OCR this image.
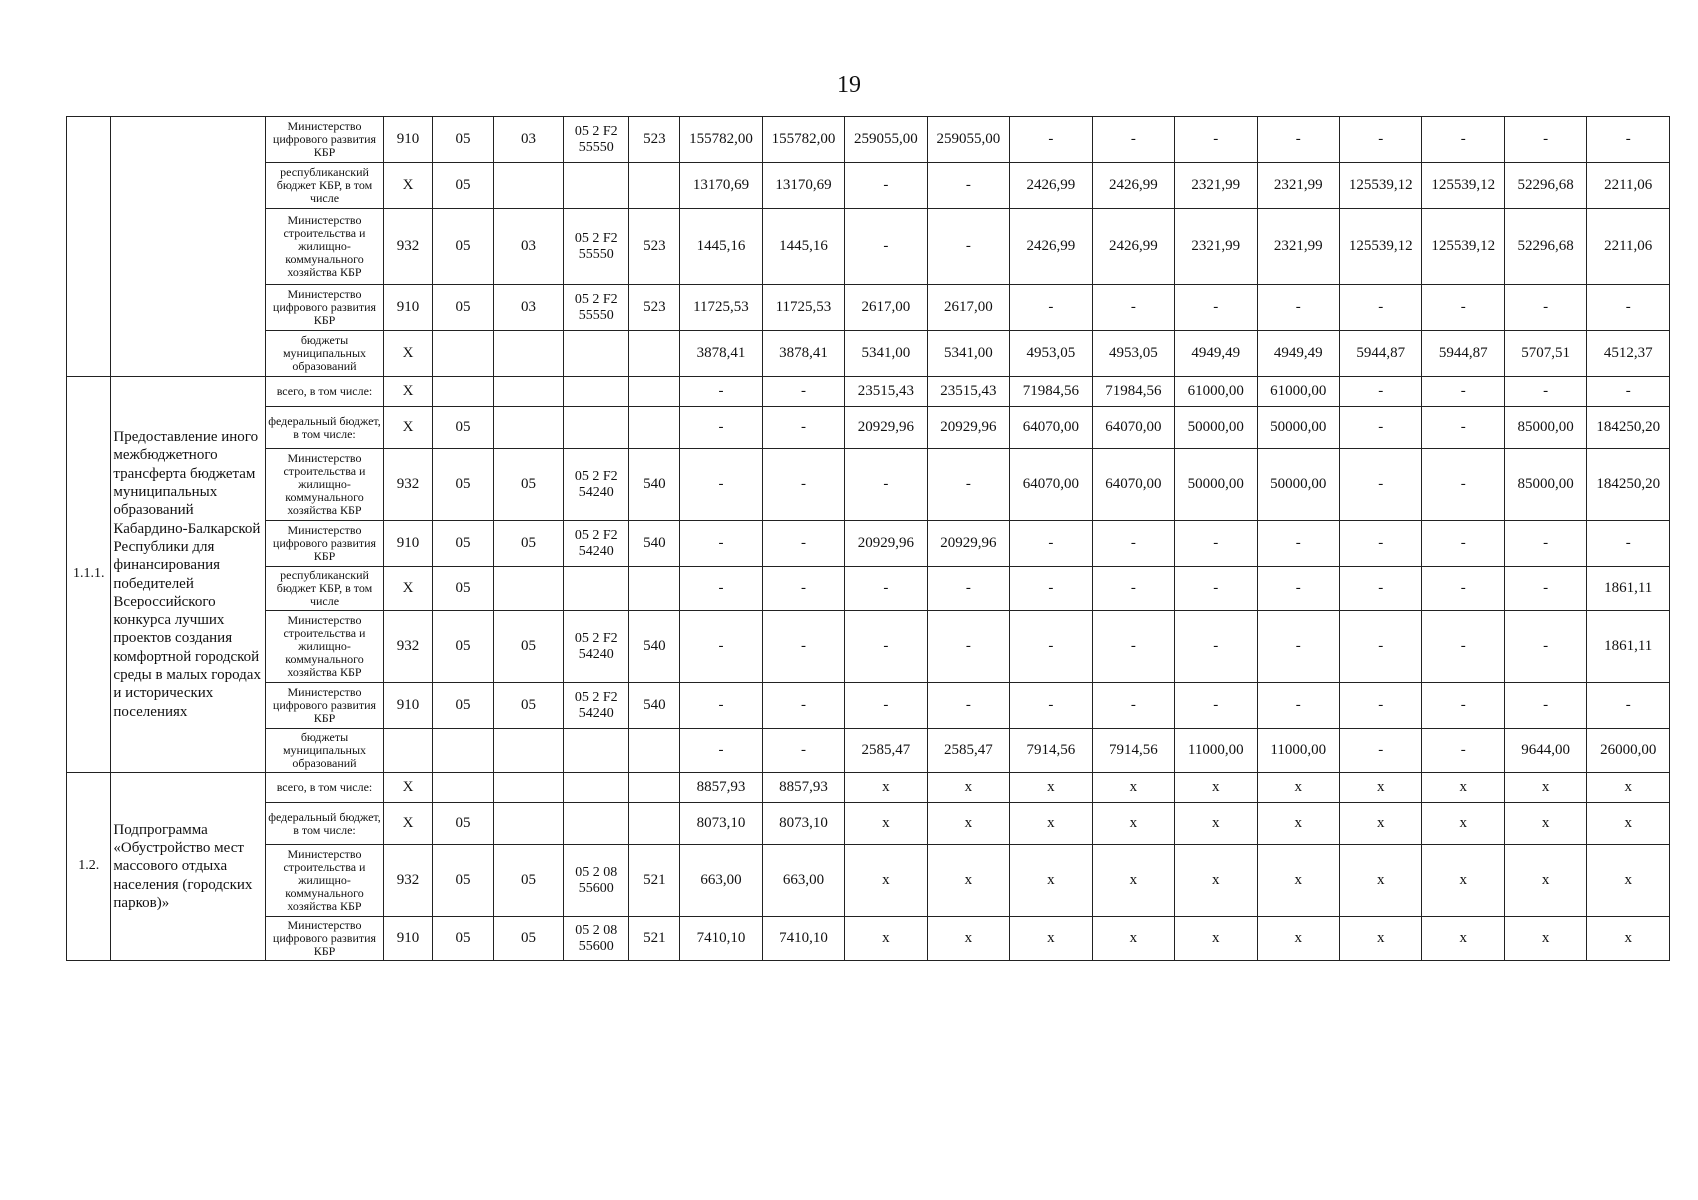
19
		Министерство цифрового развития КБР	910	05	03	05 2 F2 55550	523	155782,00	155782,00	259055,00	259055,00	-	-	-	-	-	-	-	-
		республиканский бюджет КБР, в том числе	Х	05				13170,69	13170,69	-	-	2426,99	2426,99	2321,99	2321,99	125539,12	125539,12	52296,68	2211,06
		Министерство строительства и жилищно-коммунального хозяйства КБР	932	05	03	05 2 F2 55550	523	1445,16	1445,16	-	-	2426,99	2426,99	2321,99	2321,99	125539,12	125539,12	52296,68	2211,06
		Министерство цифрового развития КБР	910	05	03	05 2 F2 55550	523	11725,53	11725,53	2617,00	2617,00	-	-	-	-	-	-	-	-
		бюджеты муниципальных образований	Х					3878,41	3878,41	5341,00	5341,00	4953,05	4953,05	4949,49	4949,49	5944,87	5944,87	5707,51	4512,37
1.1.1.	Предоставление иного межбюджетного трансферта бюджетам муниципальных образований Кабардино-Балкарской Республики для финансирования победителей Всероссийского конкурса лучших проектов создания комфортной городской среды в малых городах и исторических поселениях	всего, в том числе:	Х					-	-	23515,43	23515,43	71984,56	71984,56	61000,00	61000,00	-	-	-	-
		федеральный бюджет, в том числе:	Х	05				-	-	20929,96	20929,96	64070,00	64070,00	50000,00	50000,00	-	-	85000,00	184250,20
		Министерство строительства и жилищно-коммунального хозяйства КБР	932	05	05	05 2 F2 54240	540	-	-	-	-	64070,00	64070,00	50000,00	50000,00	-	-	85000,00	184250,20
		Министерство цифрового развития КБР	910	05	05	05 2 F2 54240	540	-	-	20929,96	20929,96	-	-	-	-	-	-	-	-
		республиканский бюджет КБР, в том числе	Х	05				-	-	-	-	-	-	-	-	-	-	-	1861,11
		Министерство строительства и жилищно-коммунального хозяйства КБР	932	05	05	05 2 F2 54240	540	-	-	-	-	-	-	-	-	-	-	-	1861,11
		Министерство цифрового развития КБР	910	05	05	05 2 F2 54240	540	-	-	-	-	-	-	-	-	-	-	-	-
		бюджеты муниципальных образований						-	-	2585,47	2585,47	7914,56	7914,56	11000,00	11000,00	-	-	9644,00	26000,00
1.2.	Подпрограмма «Обустройство мест массового отдыха населения (городских парков)»	всего, в том числе:	Х					8857,93	8857,93	х	х	х	х	х	х	х	х	х	х
		федеральный бюджет, в том числе:	Х	05				8073,10	8073,10	х	х	х	х	х	х	х	х	х	х
		Министерство строительства и жилищно-коммунального хозяйства КБР	932	05	05	05 2 08 55600	521	663,00	663,00	х	х	х	х	х	х	х	х	х	х
		Министерство цифрового развития КБР	910	05	05	05 2 08 55600	521	7410,10	7410,10	х	х	х	х	х	х	х	х	х	х
